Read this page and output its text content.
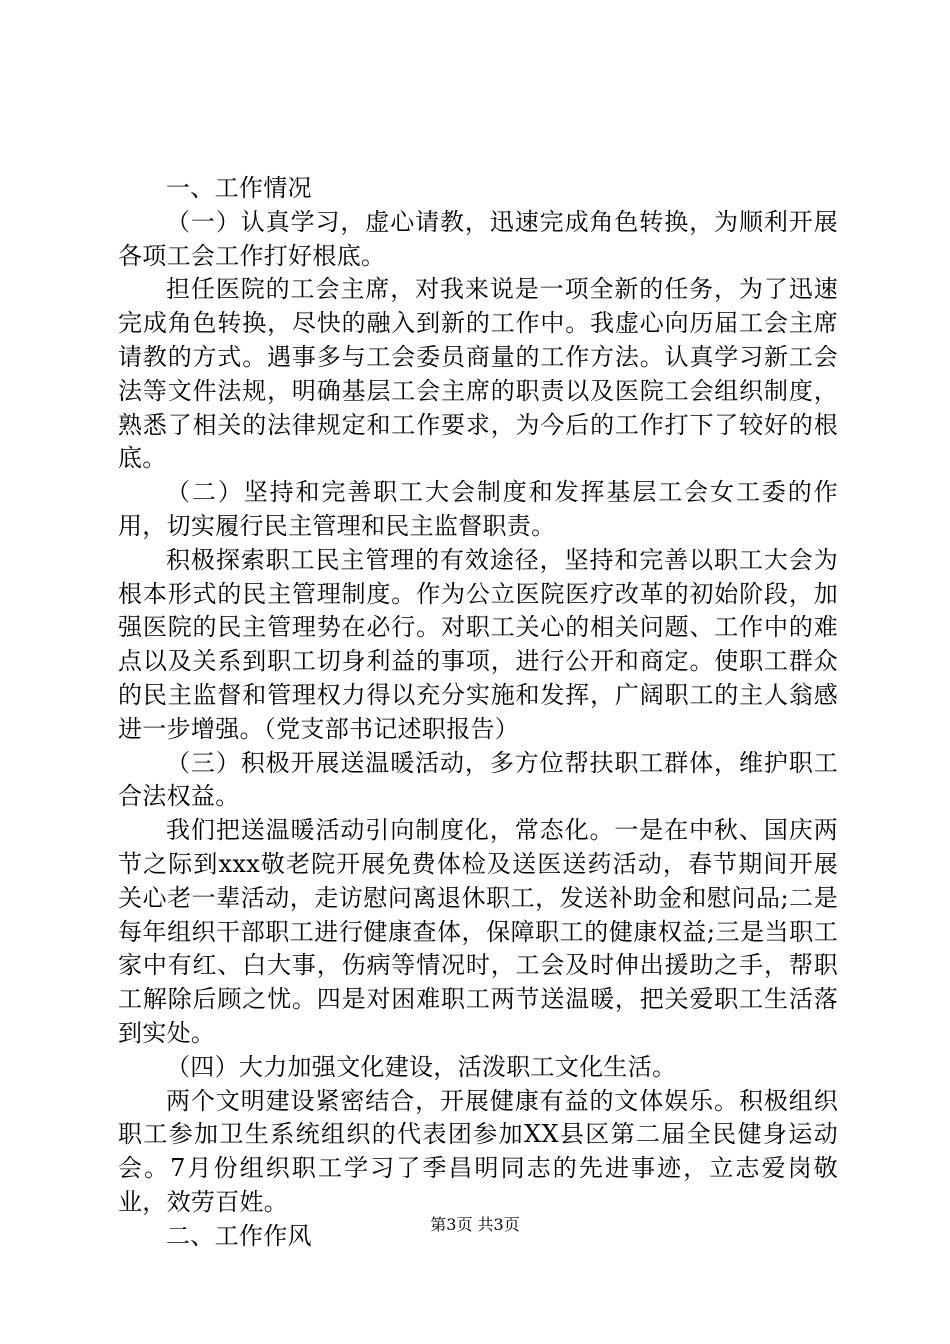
一、工作情况

（一）认真学习，虚心请教，迅速完成角色转换，为顺利开展各项工会工作打好根底。

担任医院的工会主席，对我来说是一项全新的任务，为了迅速完成角色转换，尽快的融入到新的工作中。我虚心向历届工会主席请教的方式。遇事多与工会委员商量的工作方法。认真学习新工会法等文件法规，明确基层工会主席的职责以及医院工会组织制度，熟悉了相关的法律规定和工作要求，为今后的工作打下了较好的根底。

（二）坚持和完善职工大会制度和发挥基层工会女工委的作用，切实履行民主管理和民主监督职责。

积极探索职工民主管理的有效途径，坚持和完善以职工大会为根本形式的民主管理制度。作为公立医院医疗改革的初始阶段，加强医院的民主管理势在必行。对职工关心的相关问题、工作中的难点以及关系到职工切身利益的事项，进行公开和商定。使职工群众的民主监督和管理权力得以充分实施和发挥，广阔职工的主人翁感进一步增强。（党支部书记述职报告）

（三）积极开展送温暖活动，多方位帮扶职工群体，维护职工合法权益。

我们把送温暖活动引向制度化，常态化。一是在中秋、国庆两节之际到xxx敬老院开展免费体检及送医送药活动，春节期间开展关心老一辈活动，走访慰问离退休职工，发送补助金和慰问品;二是每年组织干部职工进行健康查体，保障职工的健康权益;三是当职工家中有红、白大事，伤病等情况时，工会及时伸出援助之手，帮职工解除后顾之忧。四是对困难职工两节送温暖，把关爱职工生活落到实处。

（四）大力加强文化建设，活泼职工文化生活。

两个文明建设紧密结合，开展健康有益的文体娱乐。积极组织职工参加卫生系统组织的代表团参加XX县区第二届全民健身运动会。7月份组织职工学习了季昌明同志的先进事迹，立志爱岗敬业，效劳百姓。

二、工作作风	第3页 共3页
